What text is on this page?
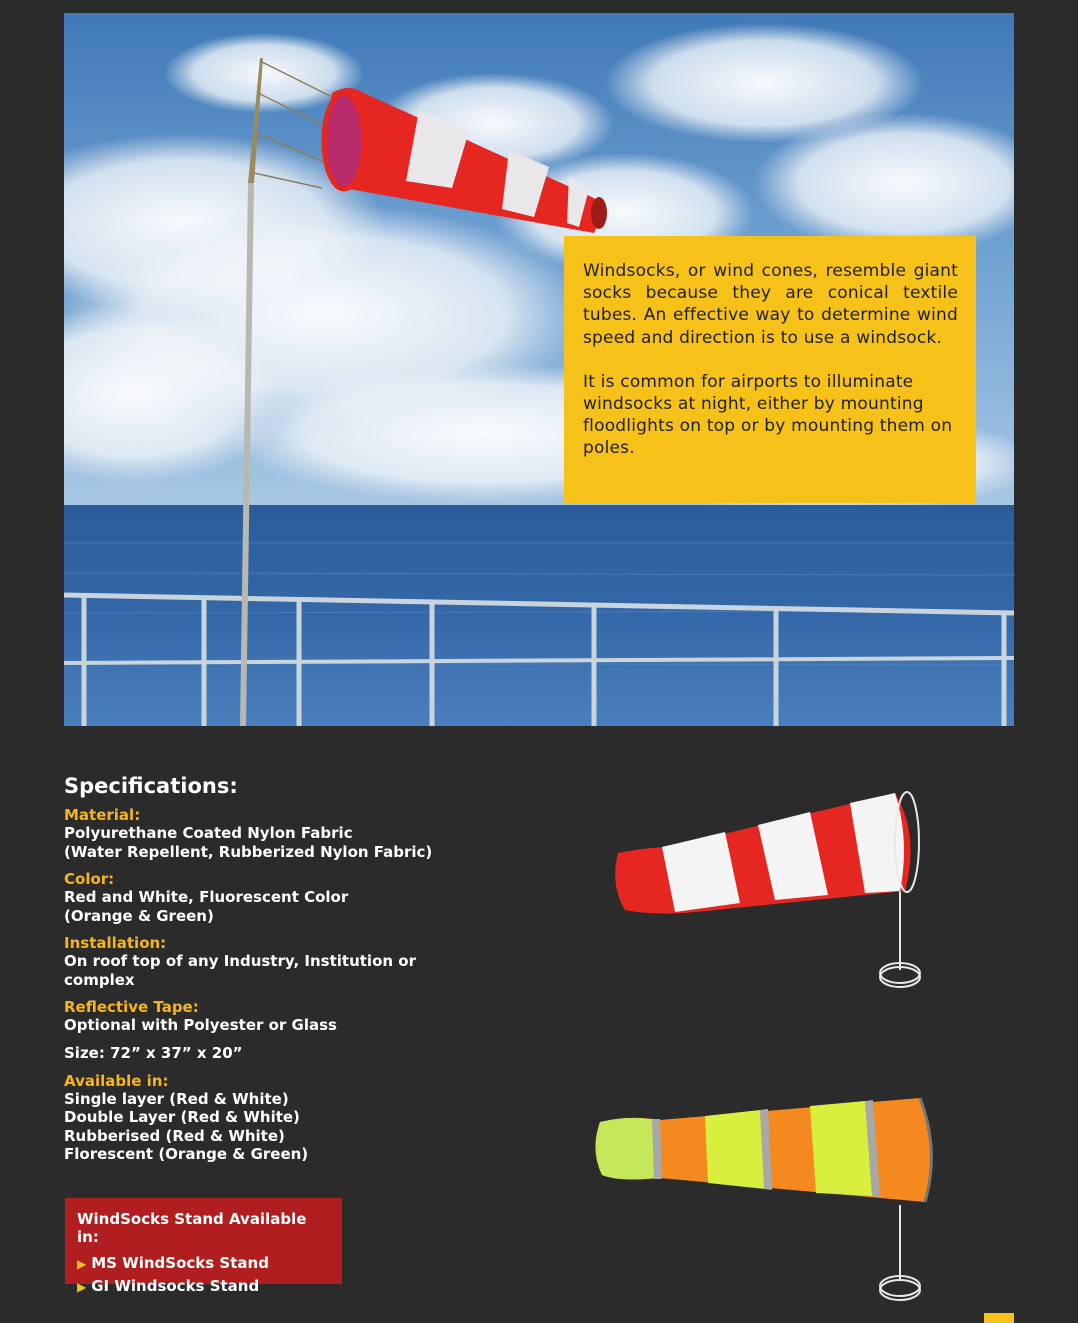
Windsocks, or wind cones, resemble giant socks because they are conical textile tubes. An effective way to determine wind speed and direction is to use a windsock.

It is common for airports to illuminate windsocks at night, either by mounting floodlights on top or by mounting them on poles.

Specifications:
Material:
Polyurethane Coated Nylon Fabric
(Water Repellent, Rubberized Nylon Fabric)
Color:
Red and White, Fluorescent Color
(Orange & Green)
Installation:
On roof top of any Industry, Institution or
complex
Reflective Tape:
Optional with Polyester or Glass
Size: 72” x 37” x 20”
Available in:
Single layer (Red & White)
Double Layer (Red & White)
Rubberised (Red & White)
Florescent (Orange & Green)
WindSocks Stand Available in:
▶ MS WindSocks Stand
▶ GI Windsocks Stand
